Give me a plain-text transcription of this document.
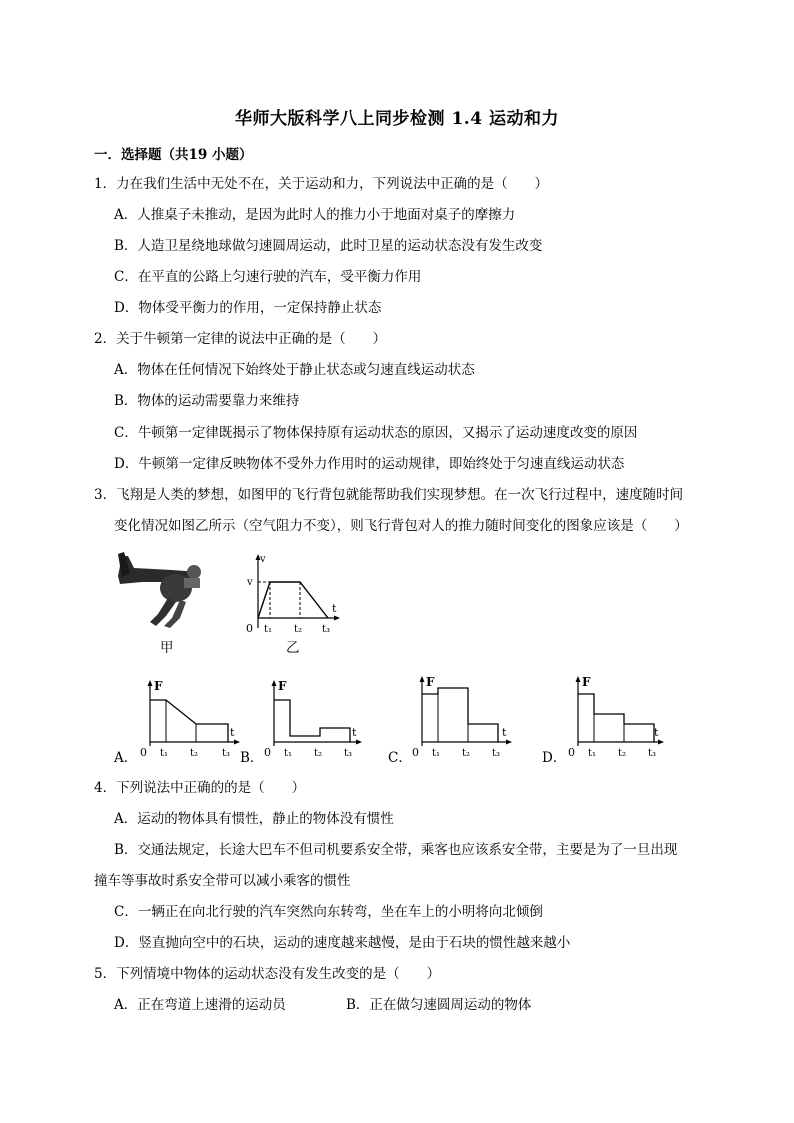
华师大版科学八上同步检测 1.4 运动和力
一．选择题（共19 小题）
1．力在我们生活中无处不在，关于运动和力，下列说法中正确的是（　　）
A．人推桌子未推动，是因为此时人的推力小于地面对桌子的摩擦力
B．人造卫星绕地球做匀速圆周运动，此时卫星的运动状态没有发生改变
C．在平直的公路上匀速行驶的汽车，受平衡力作用
D．物体受平衡力的作用，一定保持静止状态
2．关于牛顿第一定律的说法中正确的是（　　）
A．物体在任何情况下始终处于静止状态或匀速直线运动状态
B．物体的运动需要靠力来维持
C．牛顿第一定律既揭示了物体保持原有运动状态的原因，又揭示了运动速度改变的原因
D．牛顿第一定律反映物体不受外力作用时的运动规律，即始终处于匀速直线运动状态
3．飞翔是人类的梦想，如图甲的飞行背包就能帮助我们实现梦想。在一次飞行过程中，速度随时间
变化情况如图乙所示（空气阻力不变），则飞行背包对人的推力随时间变化的图象应该是（　　）
v
v
t
0 t₁ t₂ t₃
甲	乙
A．
F
t
0 t₁ t₂ t₃ B．
F
t
0 t₁ t₂ t₃	C．
F
t
0 t₁ t₂ t₃	D．
F
t
0 t₁ t₂ t₃
4．下列说法中正确的的是（　　）
A．运动的物体具有惯性，静止的物体没有惯性
B．交通法规定，长途大巴车不但司机要系安全带，乘客也应该系安全带，主要是为了一旦出现
撞车等事故时系安全带可以减小乘客的惯性
C．一辆正在向北行驶的汽车突然向东转弯，坐在车上的小明将向北倾倒
D．竖直抛向空中的石块，运动的速度越来越慢，是由于石块的惯性越来越小
5．下列情境中物体的运动状态没有发生改变的是（　　）
A．正在弯道上速滑的运动员	B．正在做匀速圆周运动的物体
